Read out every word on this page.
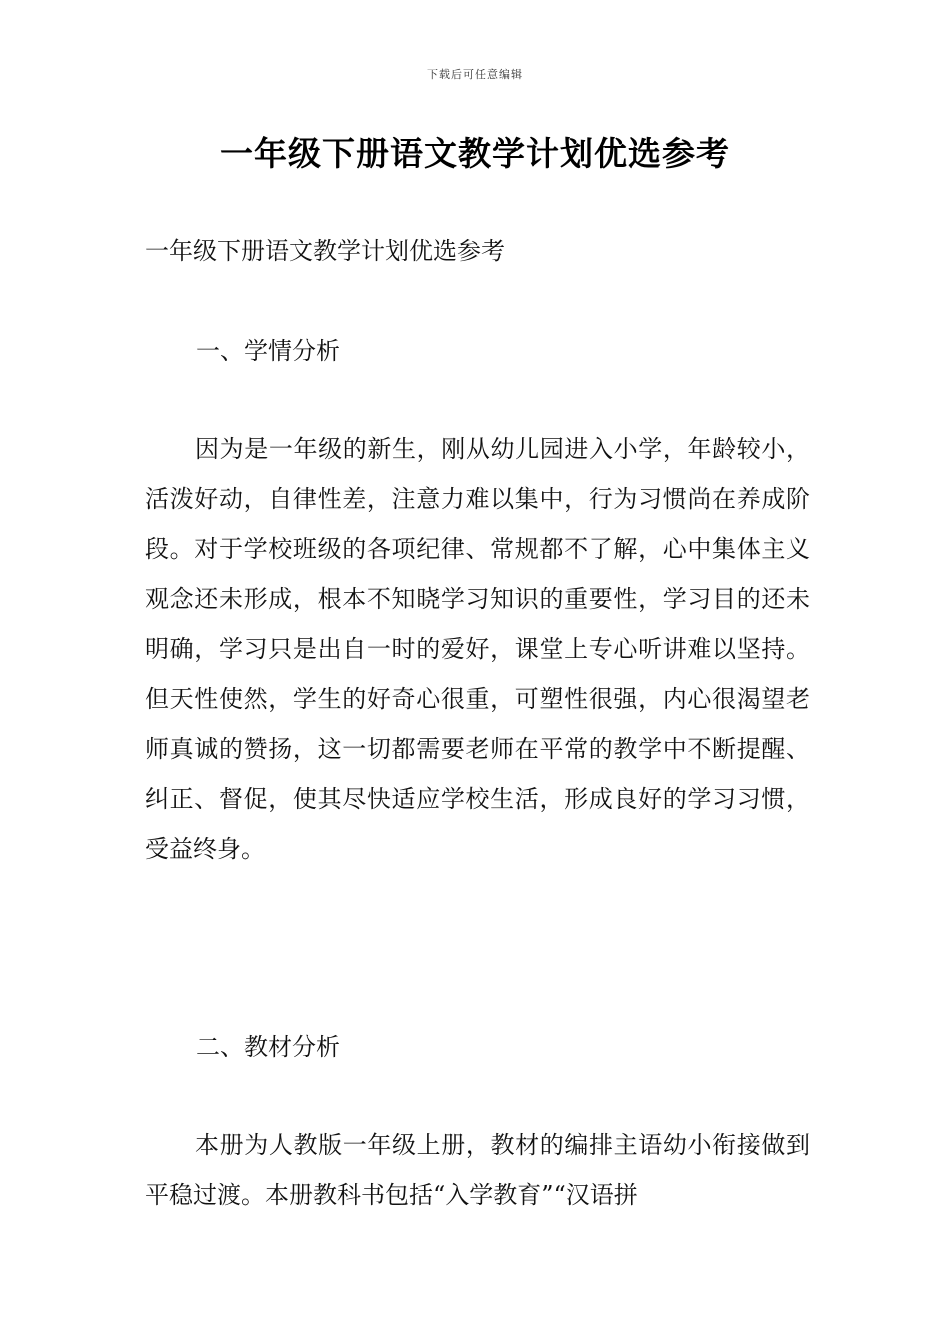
下载后可任意编辑
一年级下册语文教学计划优选参考
一年级下册语文教学计划优选参考
一、学情分析
因为是一年级的新生，刚从幼儿园进入小学，年龄较小，活泼好动，自律性差，注意力难以集中，行为习惯尚在养成阶段。对于学校班级的各项纪律、常规都不了解，心中集体主义观念还未形成，根本不知晓学习知识的重要性，学习目的还未明确，学习只是出自一时的爱好，课堂上专心听讲难以坚持。但天性使然，学生的好奇心很重，可塑性很强，内心很渴望老师真诚的赞扬，这一切都需要老师在平常的教学中不断提醒、纠正、督促，使其尽快适应学校生活，形成良好的学习习惯，受益终身。
二、教材分析
本册为人教版一年级上册，教材的编排主语幼小衔接做到平稳过渡。本册教科书包括“入学教育”“汉语拼
